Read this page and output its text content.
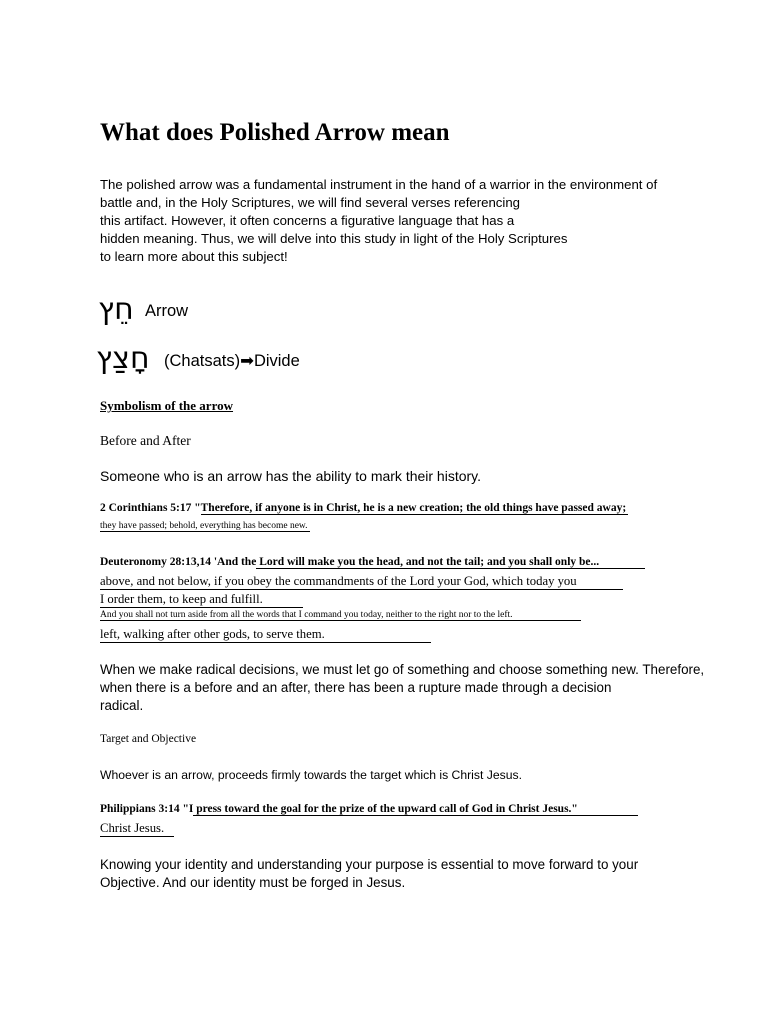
What does Polished Arrow mean
The polished arrow was a fundamental instrument in the hand of a warrior in the environment of
battle and, in the Holy Scriptures, we will find several verses referencing
this artifact. However, it often concerns a figurative language that has a
hidden meaning. Thus, we will delve into this study in light of the Holy Scriptures
to learn more about this subject!
חֵץ Arrow
חָצַץ (Chatsats)➡Divide
Symbolism of the arrow
Before and After
Someone who is an arrow has the ability to mark their history.
2 Corinthians 5:17 "Therefore, if anyone is in Christ, he is a new creation; the old things have passed away;
they have passed; behold, everything has become new.
Deuteronomy 28:13,14 'And the Lord will make you the head, and not the tail; and you shall only be...
above, and not below, if you obey the commandments of the Lord your God, which today you
I order them, to keep and fulfill.
And you shall not turn aside from all the words that I command you today, neither to the right nor to the left.
left, walking after other gods, to serve them.
When we make radical decisions, we must let go of something and choose something new. Therefore,
when there is a before and an after, there has been a rupture made through a decision
radical.
Target and Objective
Whoever is an arrow, proceeds firmly towards the target which is Christ Jesus.
Philippians 3:14 "I press toward the goal for the prize of the upward call of God in Christ Jesus."
Christ Jesus.
Knowing your identity and understanding your purpose is essential to move forward to your
Objective. And our identity must be forged in Jesus.
